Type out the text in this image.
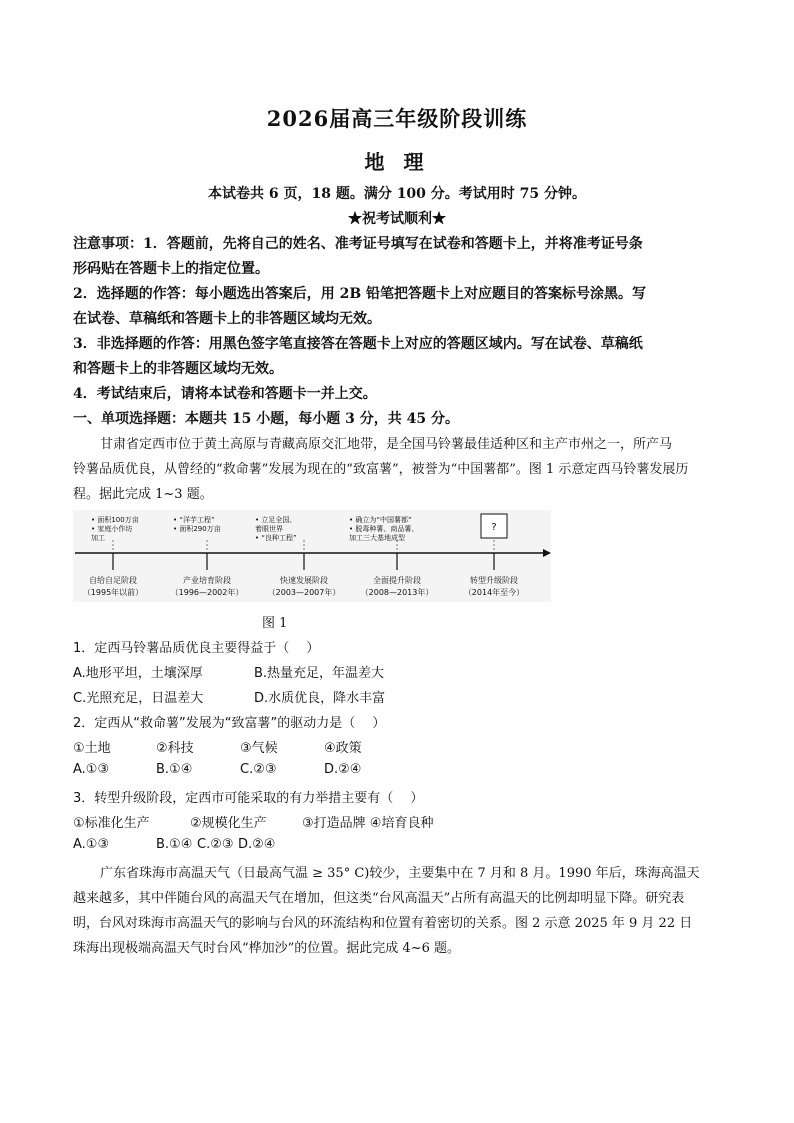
2026届高三年级阶段训练
地 理
本试卷共 6 页，18 题。满分 100 分。考试用时 75 分钟。
★祝考试顺利★
注意事项：1．答题前，先将自己的姓名、准考证号填写在试卷和答题卡上，并将准考证号条
形码贴在答题卡上的指定位置。
2．选择题的作答：每小题选出答案后，用 2B 铅笔把答题卡上对应题目的答案标号涂黑。写
在试卷、草稿纸和答题卡上的非答题区域均无效。
3．非选择题的作答：用黑色签字笔直接答在答题卡上对应的答题区域内。写在试卷、草稿纸
和答题卡上的非答题区域均无效。
4．考试结束后，请将本试卷和答题卡一并上交。
一、单项选择题：本题共 15 小题，每小题 3 分，共 45 分。
甘肃省定西市位于黄土高原与青藏高原交汇地带，是全国马铃薯最佳适种区和主产市州之一，所产马
铃薯品质优良，从曾经的“救命薯”发展为现在的“致富薯”，被誉为“中国薯都”。图 1 示意定西马铃薯发展历
程。据此完成 1~3 题。
自给自足阶段
（1995年以前）
• 面积100万亩
• 家庭小作坊
加工
产业培育阶段
（1996—2002年）
• “洋芋工程”
• 面积290万亩
快速发展阶段
（2003—2007年）
• 立足全国、
着眼世界
• “良种工程”
全面提升阶段
（2008—2013年）
• 确立为“中国薯都”
• 脱毒种薯、商品薯、
加工三大基地成型
转型升级阶段
（2014年至今）
?
图 1
1．定西马铃薯品质优良主要得益于（　 ）
A.地形平坦，土壤深厚	B.热量充足，年温差大
C.光照充足，日温差大	D.水质优良，降水丰富
2．定西从“救命薯”发展为“致富薯”的驱动力是（　 ）
①土地	②科技	③气候	④政策
A.①③	B.①④	C.②③	D.②④
3．转型升级阶段，定西市可能采取的有力举措主要有（　 ）
①标准化生产	②规模化生产	③打造品牌 ④培育良种
A.①③	B.①④ C.②③ D.②④
广东省珠海市高温天气（日最高气温 ≥ 35° C)较少，主要集中在 7 月和 8 月。1990 年后，珠海高温天
越来越多，其中伴随台风的高温天气在增加，但这类“台风高温天”占所有高温天的比例却明显下降。研究表
明，台风对珠海市高温天气的影响与台风的环流结构和位置有着密切的关系。图 2 示意 2025 年 9 月 22 日
珠海出现极端高温天气时台风“桦加沙”的位置。据此完成 4~6 题。
